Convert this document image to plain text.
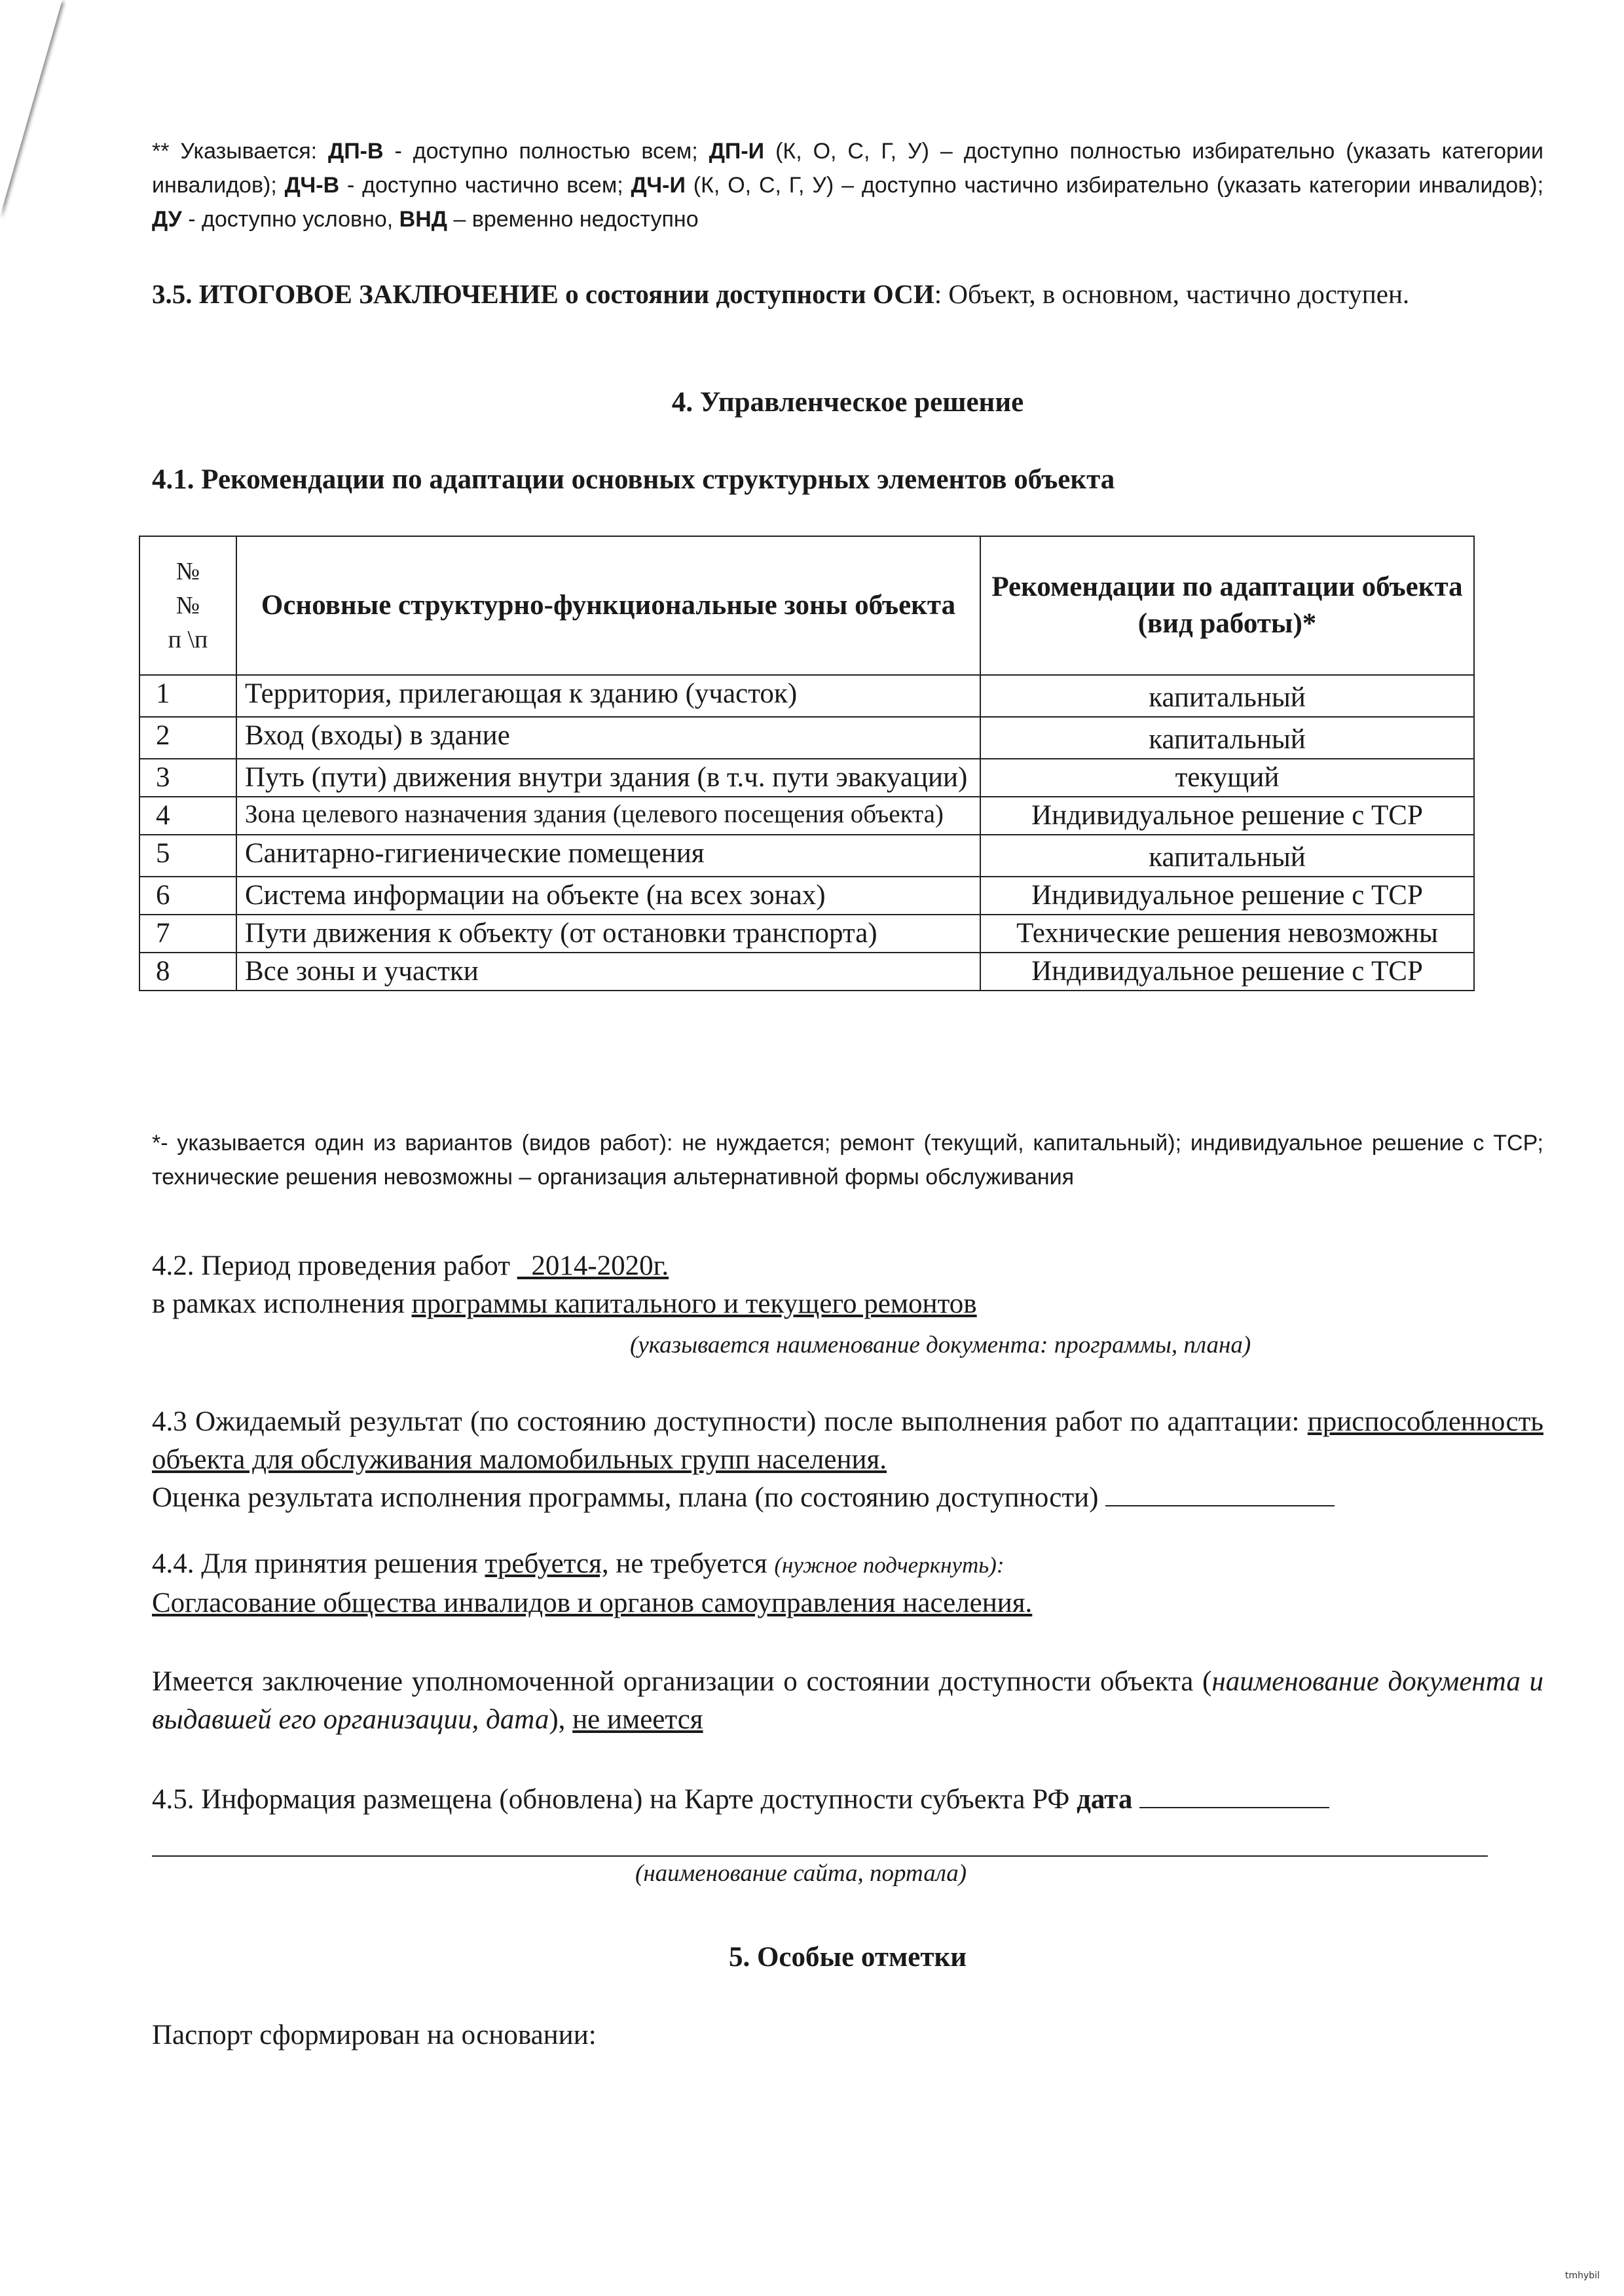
** Указывается: ДП-В - доступно полностью всем; ДП-И (К, О, С, Г, У) – доступно полностью избирательно (указать категории инвалидов); ДЧ-В - доступно частично всем; ДЧ-И (К, О, С, Г, У) – доступно частично избирательно (указать категории инвалидов); ДУ - доступно условно, ВНД – временно недоступно
3.5. ИТОГОВОЕ ЗАКЛЮЧЕНИЕ о состоянии доступности ОСИ: Объект, в основном, частично доступен.
4. Управленческое решение
4.1. Рекомендации по адаптации основных структурных элементов объекта
№
№
п \п	Основные структурно-функциональные зоны объекта	Рекомендации по адаптации объекта (вид работы)*
1	Территория, прилегающая к зданию (участок)	капитальный
2	Вход (входы) в здание	капитальный
3	Путь (пути) движения внутри здания (в т.ч. пути эвакуации)	текущий
4	Зона целевого назначения здания (целевого посещения объекта)	Индивидуальное решение с ТСР
5	Санитарно-гигиенические помещения	капитальный
6	Система информации на объекте (на всех зонах)	Индивидуальное решение с ТСР
7	Пути движения к объекту (от остановки транспорта)	Технические решения невозможны
8	Все зоны и участки	Индивидуальное решение с ТСР
*- указывается один из вариантов (видов работ): не нуждается; ремонт (текущий, капитальный); индивидуальное решение с ТСР; технические решения невозможны – организация альтернативной формы обслуживания
4.2. Период проведения работ _2014-2020г.
в рамках исполнения программы капитального и текущего ремонтов
(указывается наименование документа: программы, плана)
4.3 Ожидаемый результат (по состоянию доступности) после выполнения работ по адаптации: приспособленность объекта для обслуживания маломобильных групп населения.
Оценка результата исполнения программы, плана (по состоянию доступности)
4.4. Для принятия решения требуется, не требуется (нужное подчеркнуть):
Согласование общества инвалидов и органов самоуправления населения.
Имеется заключение уполномоченной организации о состоянии доступности объекта (наименование документа и выдавшей его организации, дата), не имеется
4.5. Информация размещена (обновлена) на Карте доступности субъекта РФ дата
(наименование сайта, портала)
5. Особые отметки
Паспорт сформирован на основании:
tmhybil
